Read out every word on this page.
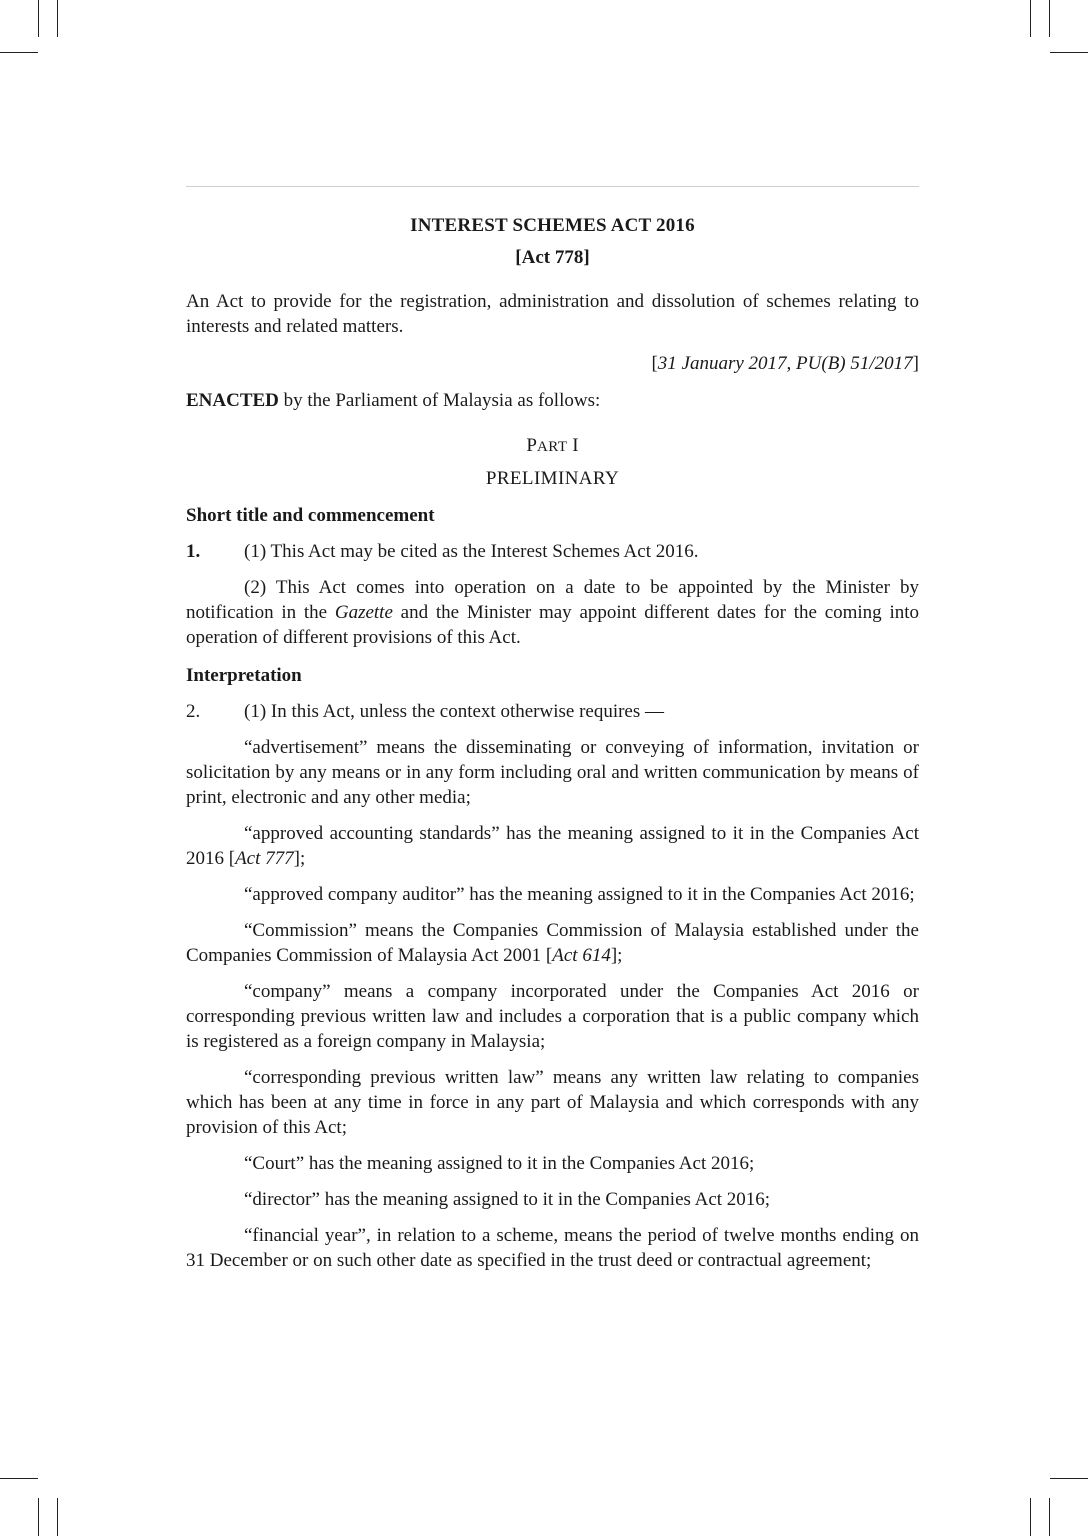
INTEREST SCHEMES ACT 2016
[Act 778]

An Act to provide for the registration, administration and dissolution of schemes relating to interests and related matters.

[31 January 2017, PU(B) 51/2017]

ENACTED by the Parliament of Malaysia as follows:

PART I
PRELIMINARY
Short title and commencement

1. (1) This Act may be cited as the Interest Schemes Act 2016.

(2) This Act comes into operation on a date to be appointed by the Minister by notification in the Gazette and the Minister may appoint different dates for the coming into operation of different provisions of this Act.

Interpretation

2. (1) In this Act, unless the context otherwise requires —

“advertisement” means the disseminating or conveying of information, invitation or solicitation by any means or in any form including oral and written communication by means of print, electronic and any other media;

“approved accounting standards” has the meaning assigned to it in the Companies Act 2016 [Act 777];

“approved company auditor” has the meaning assigned to it in the Companies Act 2016;

“Commission” means the Companies Commission of Malaysia established under the Companies Commission of Malaysia Act 2001 [Act 614];

“company” means a company incorporated under the Companies Act 2016 or corresponding previous written law and includes a corporation that is a public company which is registered as a foreign company in Malaysia;

“corresponding previous written law” means any written law relating to companies which has been at any time in force in any part of Malaysia and which corresponds with any provision of this Act;

“Court” has the meaning assigned to it in the Companies Act 2016;

“director” has the meaning assigned to it in the Companies Act 2016;

“financial year”, in relation to a scheme, means the period of twelve months ending on 31 December or on such other date as specified in the trust deed or contractual agreement;
